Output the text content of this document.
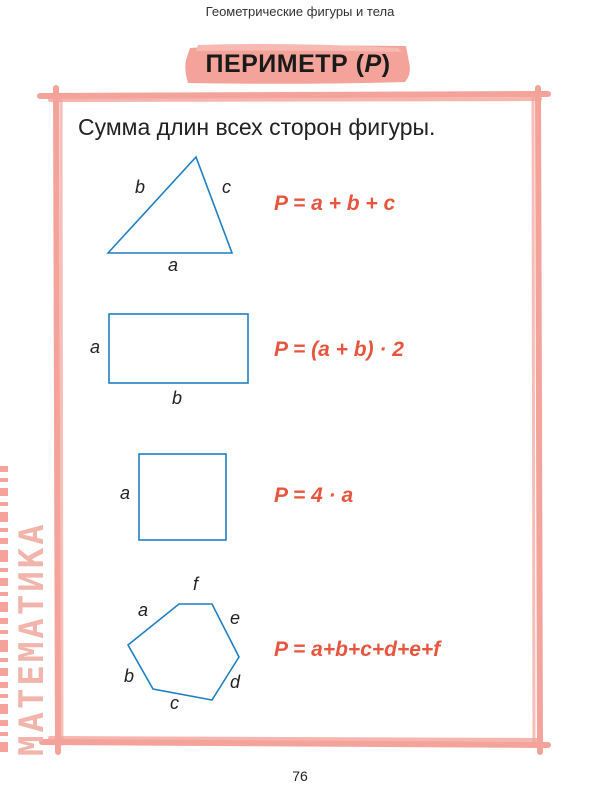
Геометрические фигуры и тела
ПЕРИМЕТР (P)
Сумма длин всех сторон фигуры.
b	c
a
P = a + b + c
a
b
P = (a + b) · 2
a	P = 4 · a
a
f
e
b	d
c
P = a+b+c+d+e+f
МАТЕМАТИКА
76
